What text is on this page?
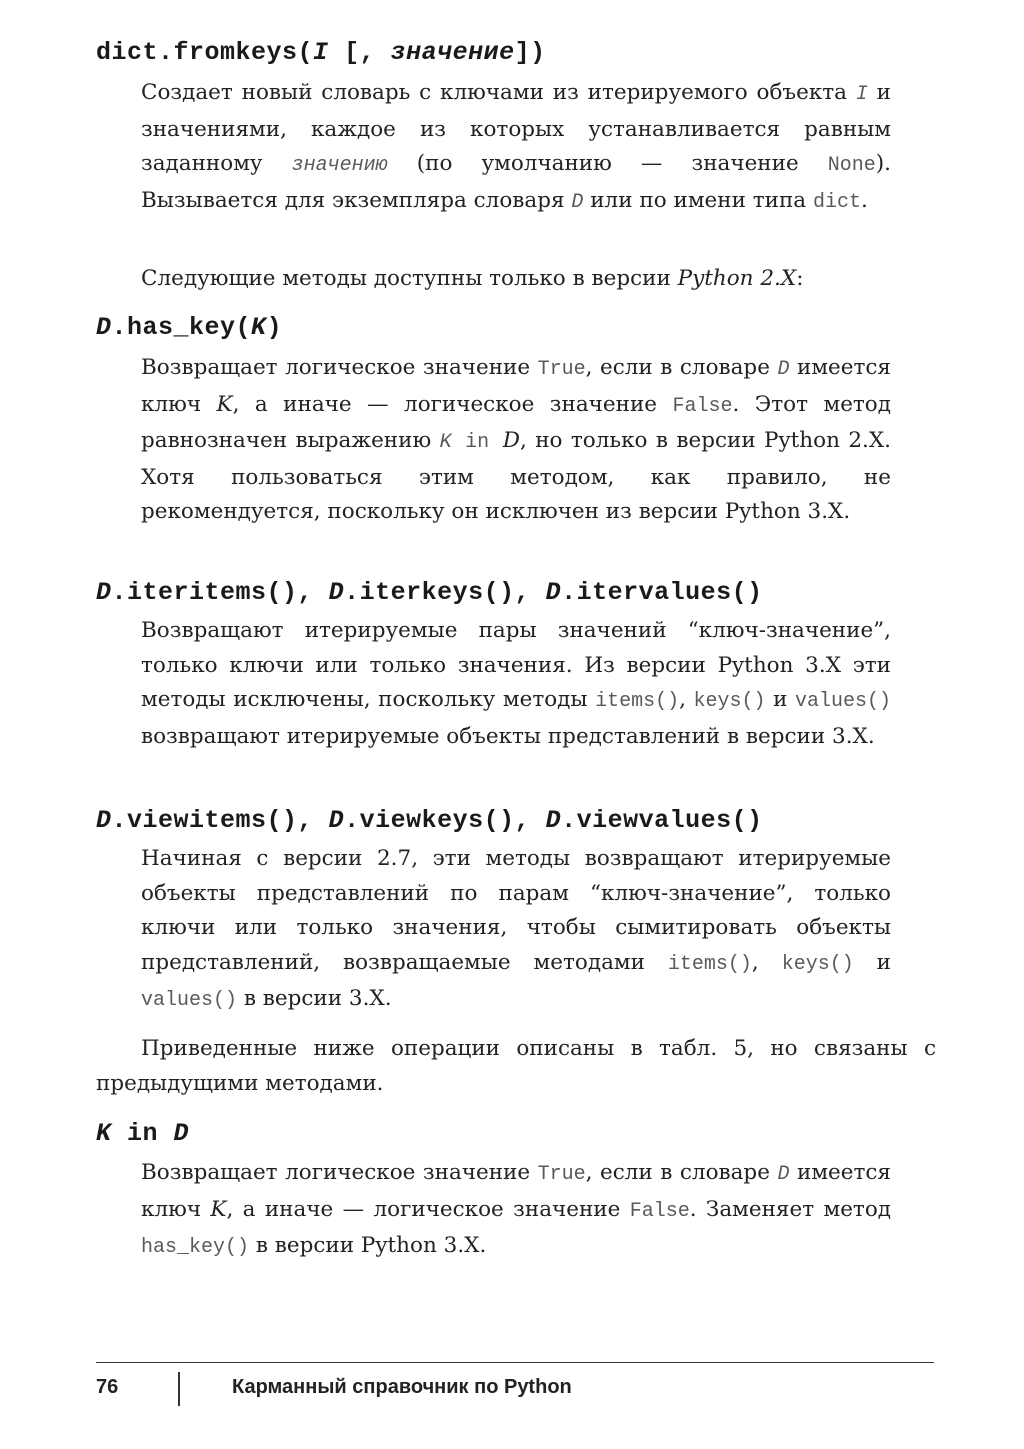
dict.fromkeys(I [, значение])
Создает новый словарь с ключами из итерируемого объекта I и значениями, каждое из которых устанавливается равным заданному значению (по умолчанию — значение None). Вызывается для экземпляра словаря D или по имени типа dict.
Следующие методы доступны только в версии Python 2.X:
D.has_key(K)
Возвращает логическое значение True, если в словаре D имеется ключ K, а иначе — логическое значение False. Этот метод равнозначен выражению K in D, но только в версии Python 2.X. Хотя пользоваться этим методом, как правило, не рекомендуется, поскольку он исключен из версии Python 3.X.
D.iteritems(), D.iterkeys(), D.itervalues()
Возвращают итерируемые пары значений “ключ-значение”, только ключи или только значения. Из версии Python 3.X эти методы исключены, поскольку методы items(), keys() и values() возвращают итерируемые объекты представлений в версии 3.X.
D.viewitems(), D.viewkeys(), D.viewvalues()
Начиная с версии 2.7, эти методы возвращают итерируемые объекты представлений по парам “ключ-значение”, только ключи или только значения, чтобы сымитировать объекты представлений, возвращаемые методами items(), keys() и values() в версии 3.X.
Приведенные ниже операции описаны в табл. 5, но связаны с предыдущими методами.
K in D
Возвращает логическое значение True, если в словаре D имеется ключ K, а иначе — логическое значение False. Заменяет метод has_key() в версии Python 3.X.
76	Карманный справочник по Python
